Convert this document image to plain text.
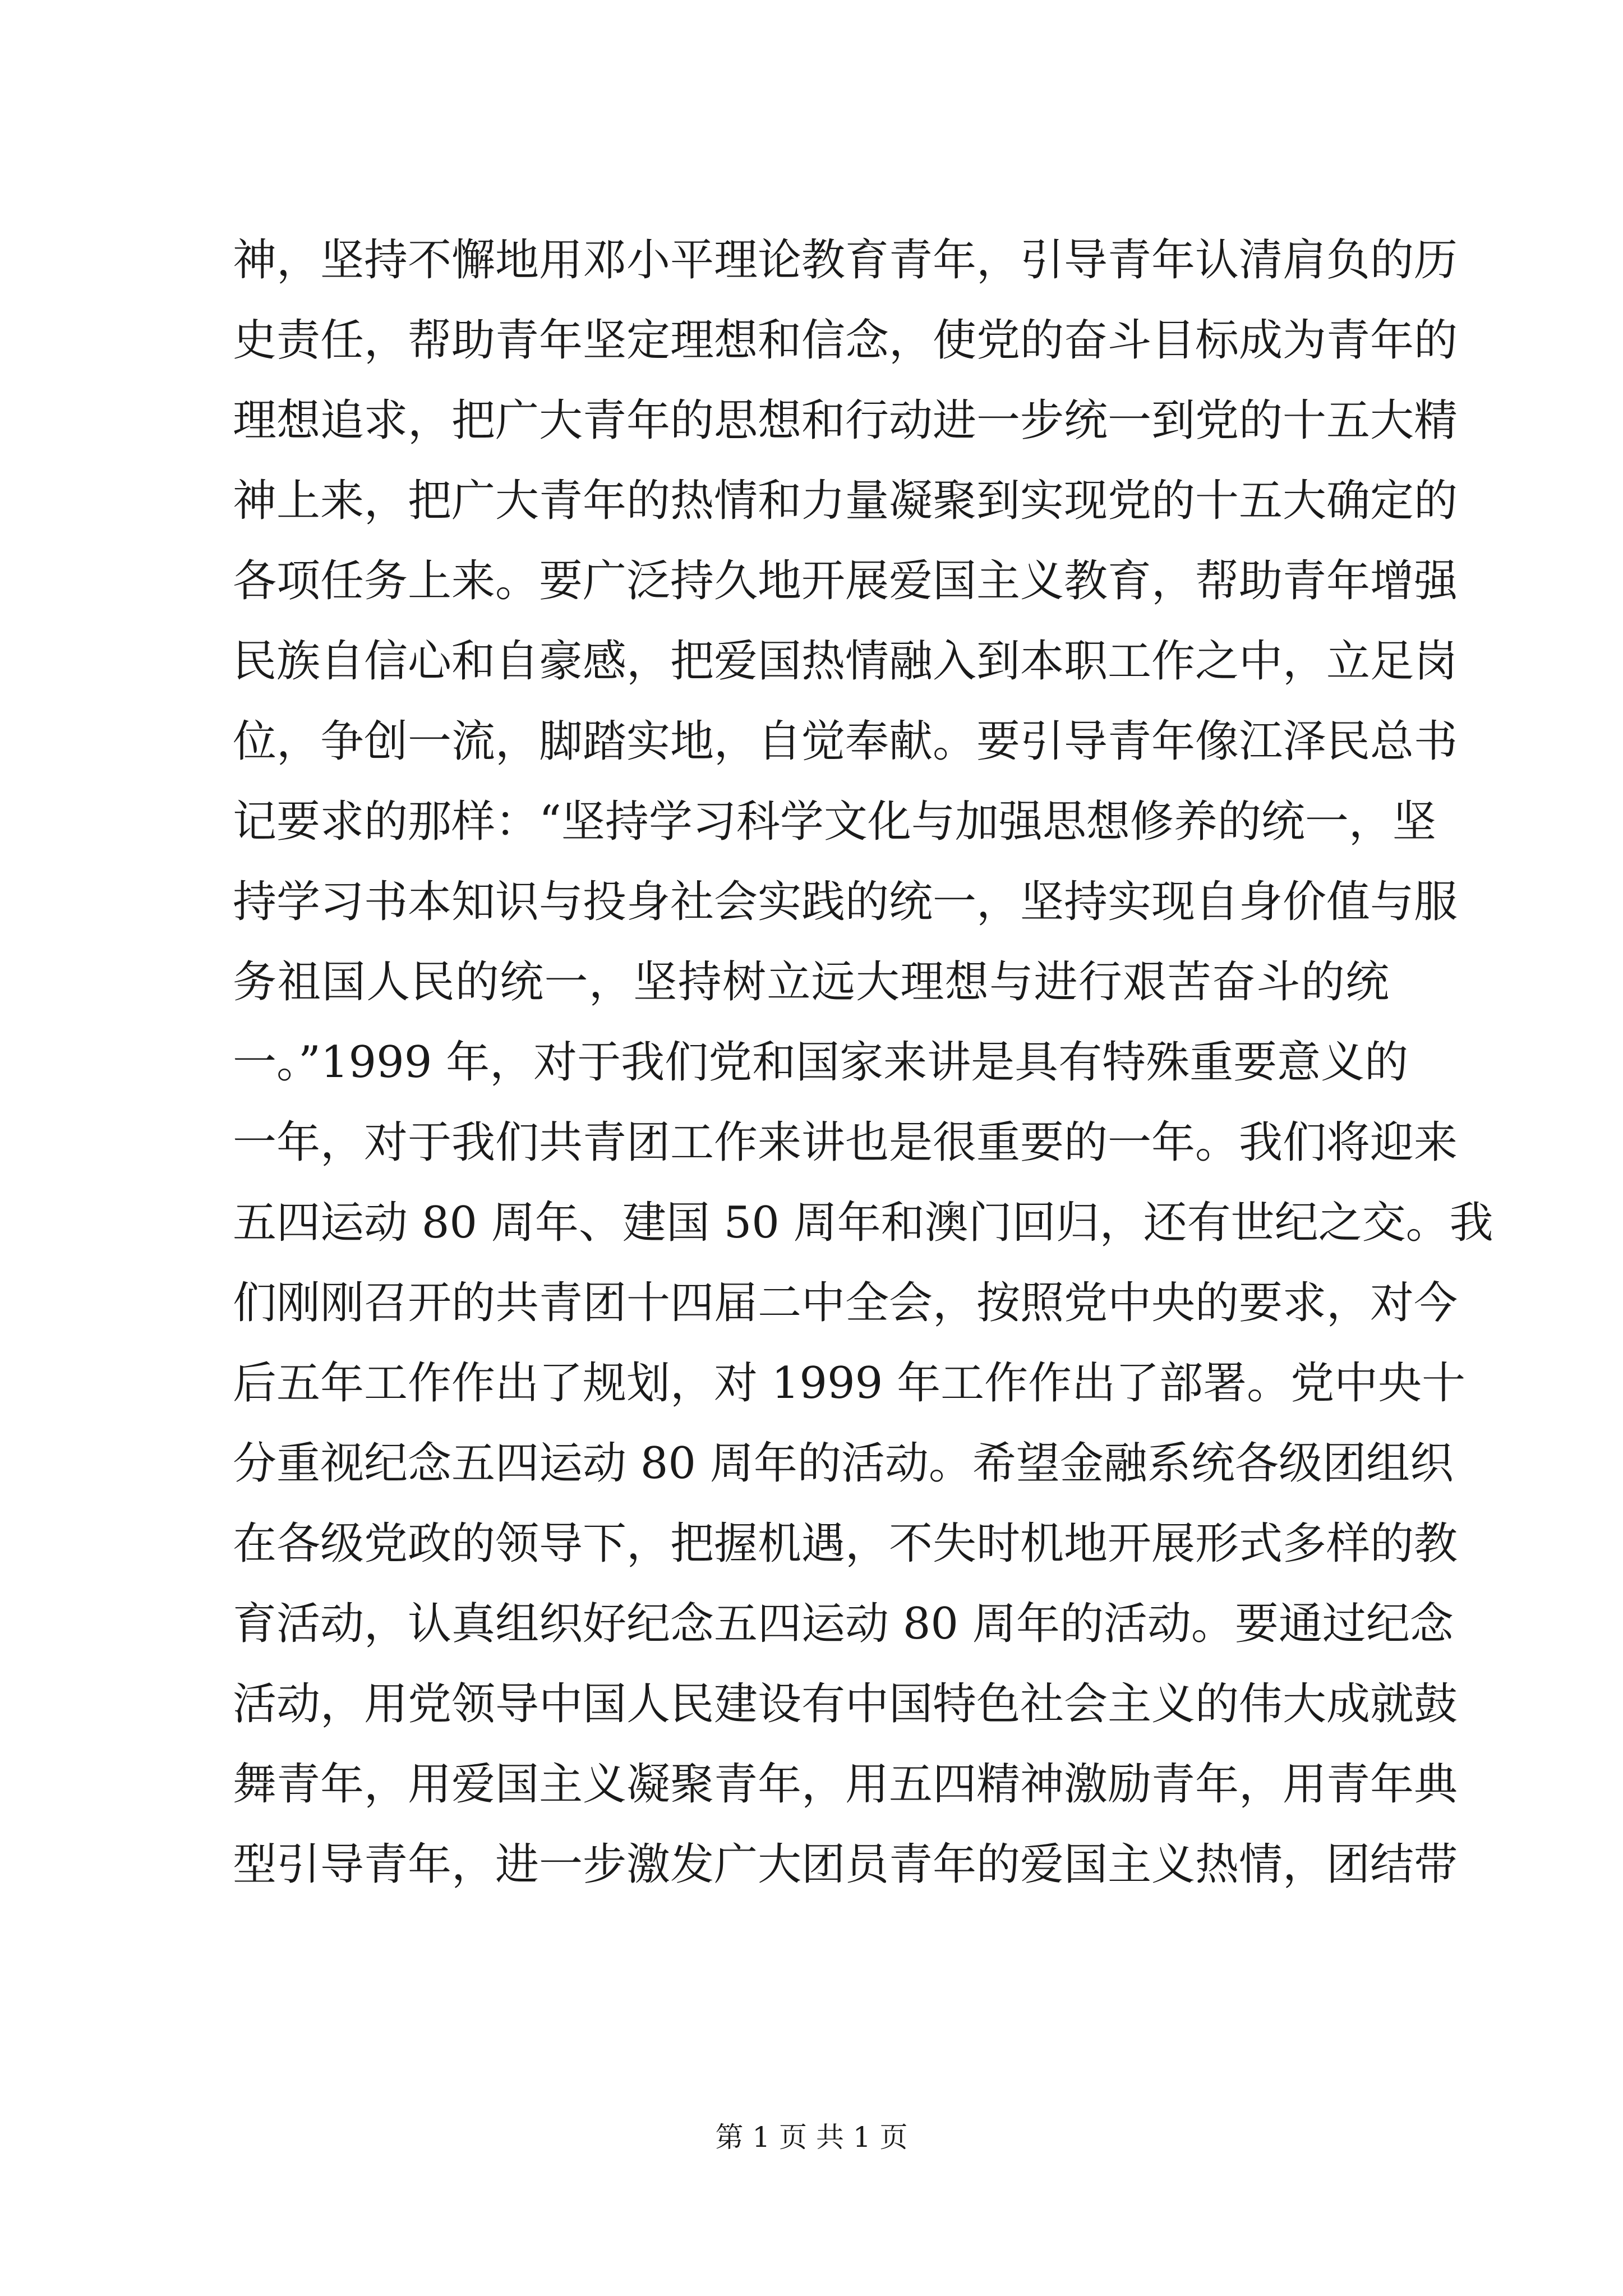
神，坚持不懈地用邓小平理论教育青年，引导青年认清肩负的历
史责任，帮助青年坚定理想和信念，使党的奋斗目标成为青年的
理想追求，把广大青年的思想和行动进一步统一到党的十五大精
神上来，把广大青年的热情和力量凝聚到实现党的十五大确定的
各项任务上来。要广泛持久地开展爱国主义教育，帮助青年增强
民族自信心和自豪感，把爱国热情融入到本职工作之中，立足岗
位，争创一流，脚踏实地，自觉奉献。要引导青年像江泽民总书
记要求的那样：“坚持学习科学文化与加强思想修养的统一，坚
持学习书本知识与投身社会实践的统一，坚持实现自身价值与服
务祖国人民的统一，坚持树立远大理想与进行艰苦奋斗的统
一。”1999 年，对于我们党和国家来讲是具有特殊重要意义的
一年，对于我们共青团工作来讲也是很重要的一年。我们将迎来
五四运动 80 周年、建国 50 周年和澳门回归，还有世纪之交。我
们刚刚召开的共青团十四届二中全会，按照党中央的要求，对今
后五年工作作出了规划，对 1999 年工作作出了部署。党中央十
分重视纪念五四运动 80 周年的活动。希望金融系统各级团组织
在各级党政的领导下，把握机遇，不失时机地开展形式多样的教
育活动，认真组织好纪念五四运动 80 周年的活动。要通过纪念
活动，用党领导中国人民建设有中国特色社会主义的伟大成就鼓
舞青年，用爱国主义凝聚青年，用五四精神激励青年，用青年典
型引导青年，进一步激发广大团员青年的爱国主义热情，团结带
第 1 页 共 1 页
